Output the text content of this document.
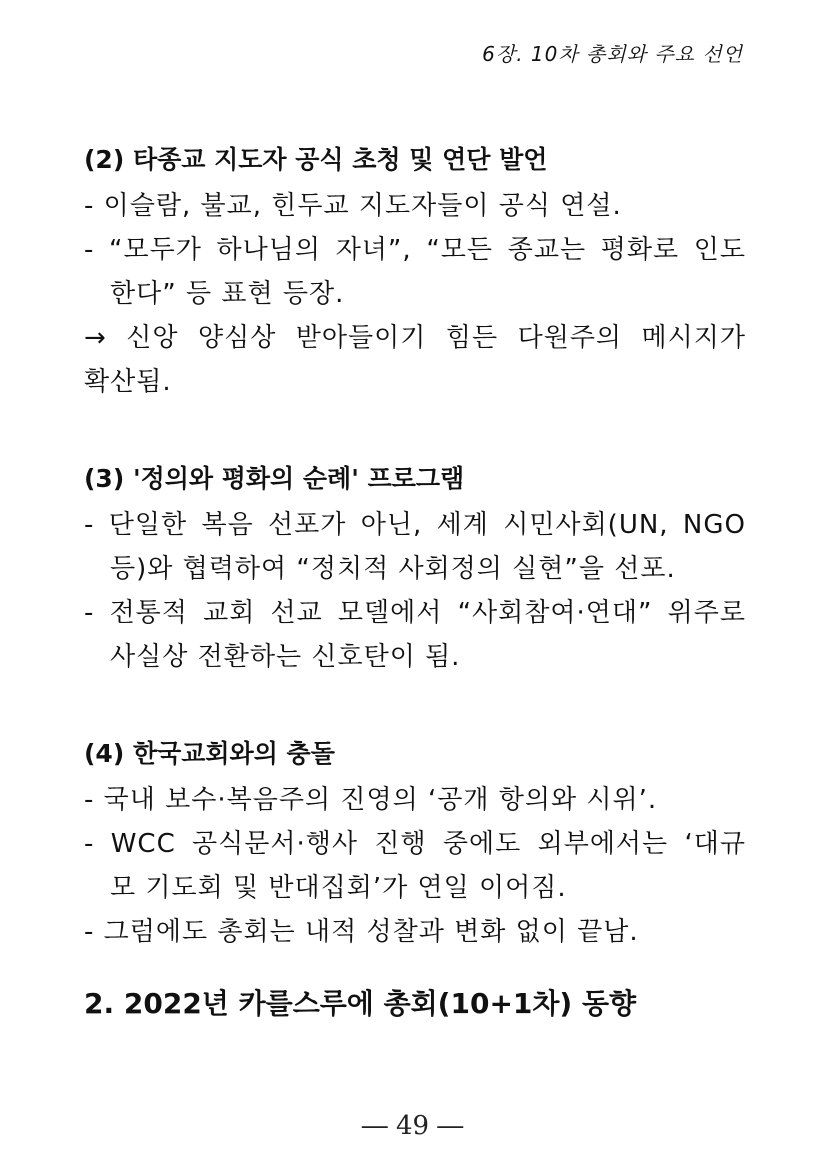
6장. 10차 총회와 주요 선언
(2) 타종교 지도자 공식 초청 및 연단 발언
- 이슬람, 불교, 힌두교 지도자들이 공식 연설.
- “모두가 하나님의 자녀”, “모든 종교는 평화로 인도
한다” 등 표현 등장.
→ 신앙 양심상 받아들이기 힘든 다원주의 메시지가
확산됨.
(3) '정의와 평화의 순례' 프로그램
- 단일한 복음 선포가 아닌, 세계 시민사회(UN, NGO
등)와 협력하여 “정치적 사회정의 실현”을 선포.
- 전통적 교회 선교 모델에서 “사회참여·연대” 위주로
사실상 전환하는 신호탄이 됨.
(4) 한국교회와의 충돌
- 국내 보수·복음주의 진영의 ‘공개 항의와 시위’.
- WCC 공식문서·행사 진행 중에도 외부에서는 ‘대규
모 기도회 및 반대집회’가 연일 이어짐.
- 그럼에도 총회는 내적 성찰과 변화 없이 끝남.
2. 2022년 카를스루에 총회(10+1차) 동향
― 49 ―
